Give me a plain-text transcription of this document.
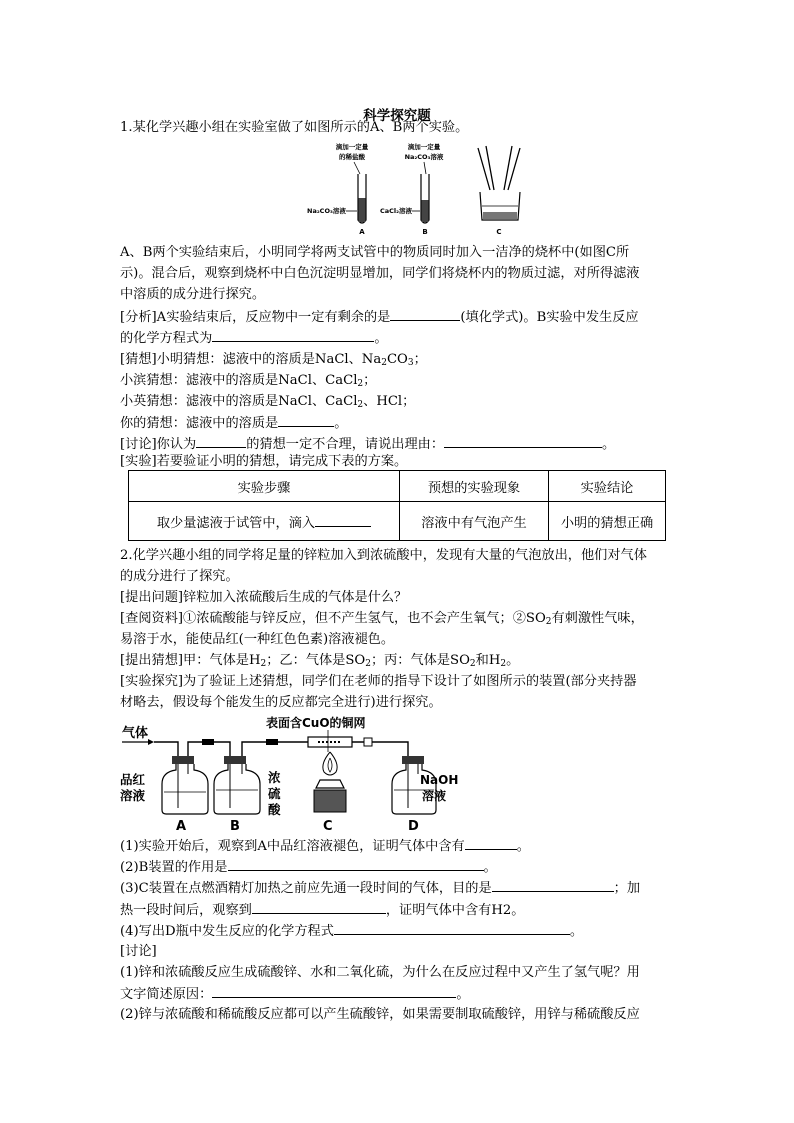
科学探究题
1.某化学兴趣小组在实验室做了如图所示的A、B两个实验。
滴加一定量
的稀盐酸
Na₂CO₃溶液
A
滴加一定量
Na₂CO₃溶液
CaCl₂溶液
B	C
A、B两个实验结束后，小明同学将两支试管中的物质同时加入一洁净的烧杯中(如图C所
示)。混合后，观察到烧杯中白色沉淀明显增加，同学们将烧杯内的物质过滤，对所得滤液
中溶质的成分进行探究。
[分析]A实验结束后，反应物中一定有剩余的是	(填化学式)。B实验中发生反应
的化学方程式为	。
[猜想]小明猜想：滤液中的溶质是NaCl、$Na_2CO_3$；
小滨猜想：滤液中的溶质是NaCl、CaCl$_2$；
小英猜想：滤液中的溶质是NaCl、CaCl$_2$、HCl；
你的猜想：滤液中的溶质是	。
[讨论]你认为	的猜想一定不合理，请说出理由：	。
[实验]若要验证小明的猜想，请完成下表的方案。
实验步骤	预想的实验现象	实验结论
取少量滤液于试管中，滴入	溶液中有气泡产生	小明的猜想正确
2.化学兴趣小组的同学将足量的锌粒加入到浓硫酸中，发现有大量的气泡放出，他们对气体
的成分进行了探究。
[提出问题]锌粒加入浓硫酸后生成的气体是什么？
[查阅资料]①浓硫酸能与锌反应，但不产生氢气，也不会产生氧气；$②SO_2$有刺激性气味，
易溶于水，能使品红(一种红色色素)溶液褪色。
[提出猜想]甲：气体是$H_2$；乙：气体是$SO_2$；丙：气体是$SO_2$和$H_2$。
[实验探究]为了验证上述猜想，同学们在老师的指导下设计了如图所示的装置(部分夹持器
材略去，假设每个能发生的反应都完全进行)进行探究。
气体
表面含CuO的铜网
品红
溶液
A
浓
硫
酸
B	C
NaOH
溶液
D
(1)实验开始后，观察到A中品红溶液褪色，证明气体中含有	。
(2)B装置的作用是	。
(3)C装置在点燃酒精灯加热之前应先通一段时间的气体，目的是	；加
热一段时间后，观察到	，证明气体中含有H2。
(4)写出D瓶中发生反应的化学方程式	。
[讨论]
(1)锌和浓硫酸反应生成硫酸锌、水和二氧化硫，为什么在反应过程中又产生了氢气呢？用
文字简述原因：	。
(2)锌与浓硫酸和稀硫酸反应都可以产生硫酸锌，如果需要制取硫酸锌，用锌与稀硫酸反应
